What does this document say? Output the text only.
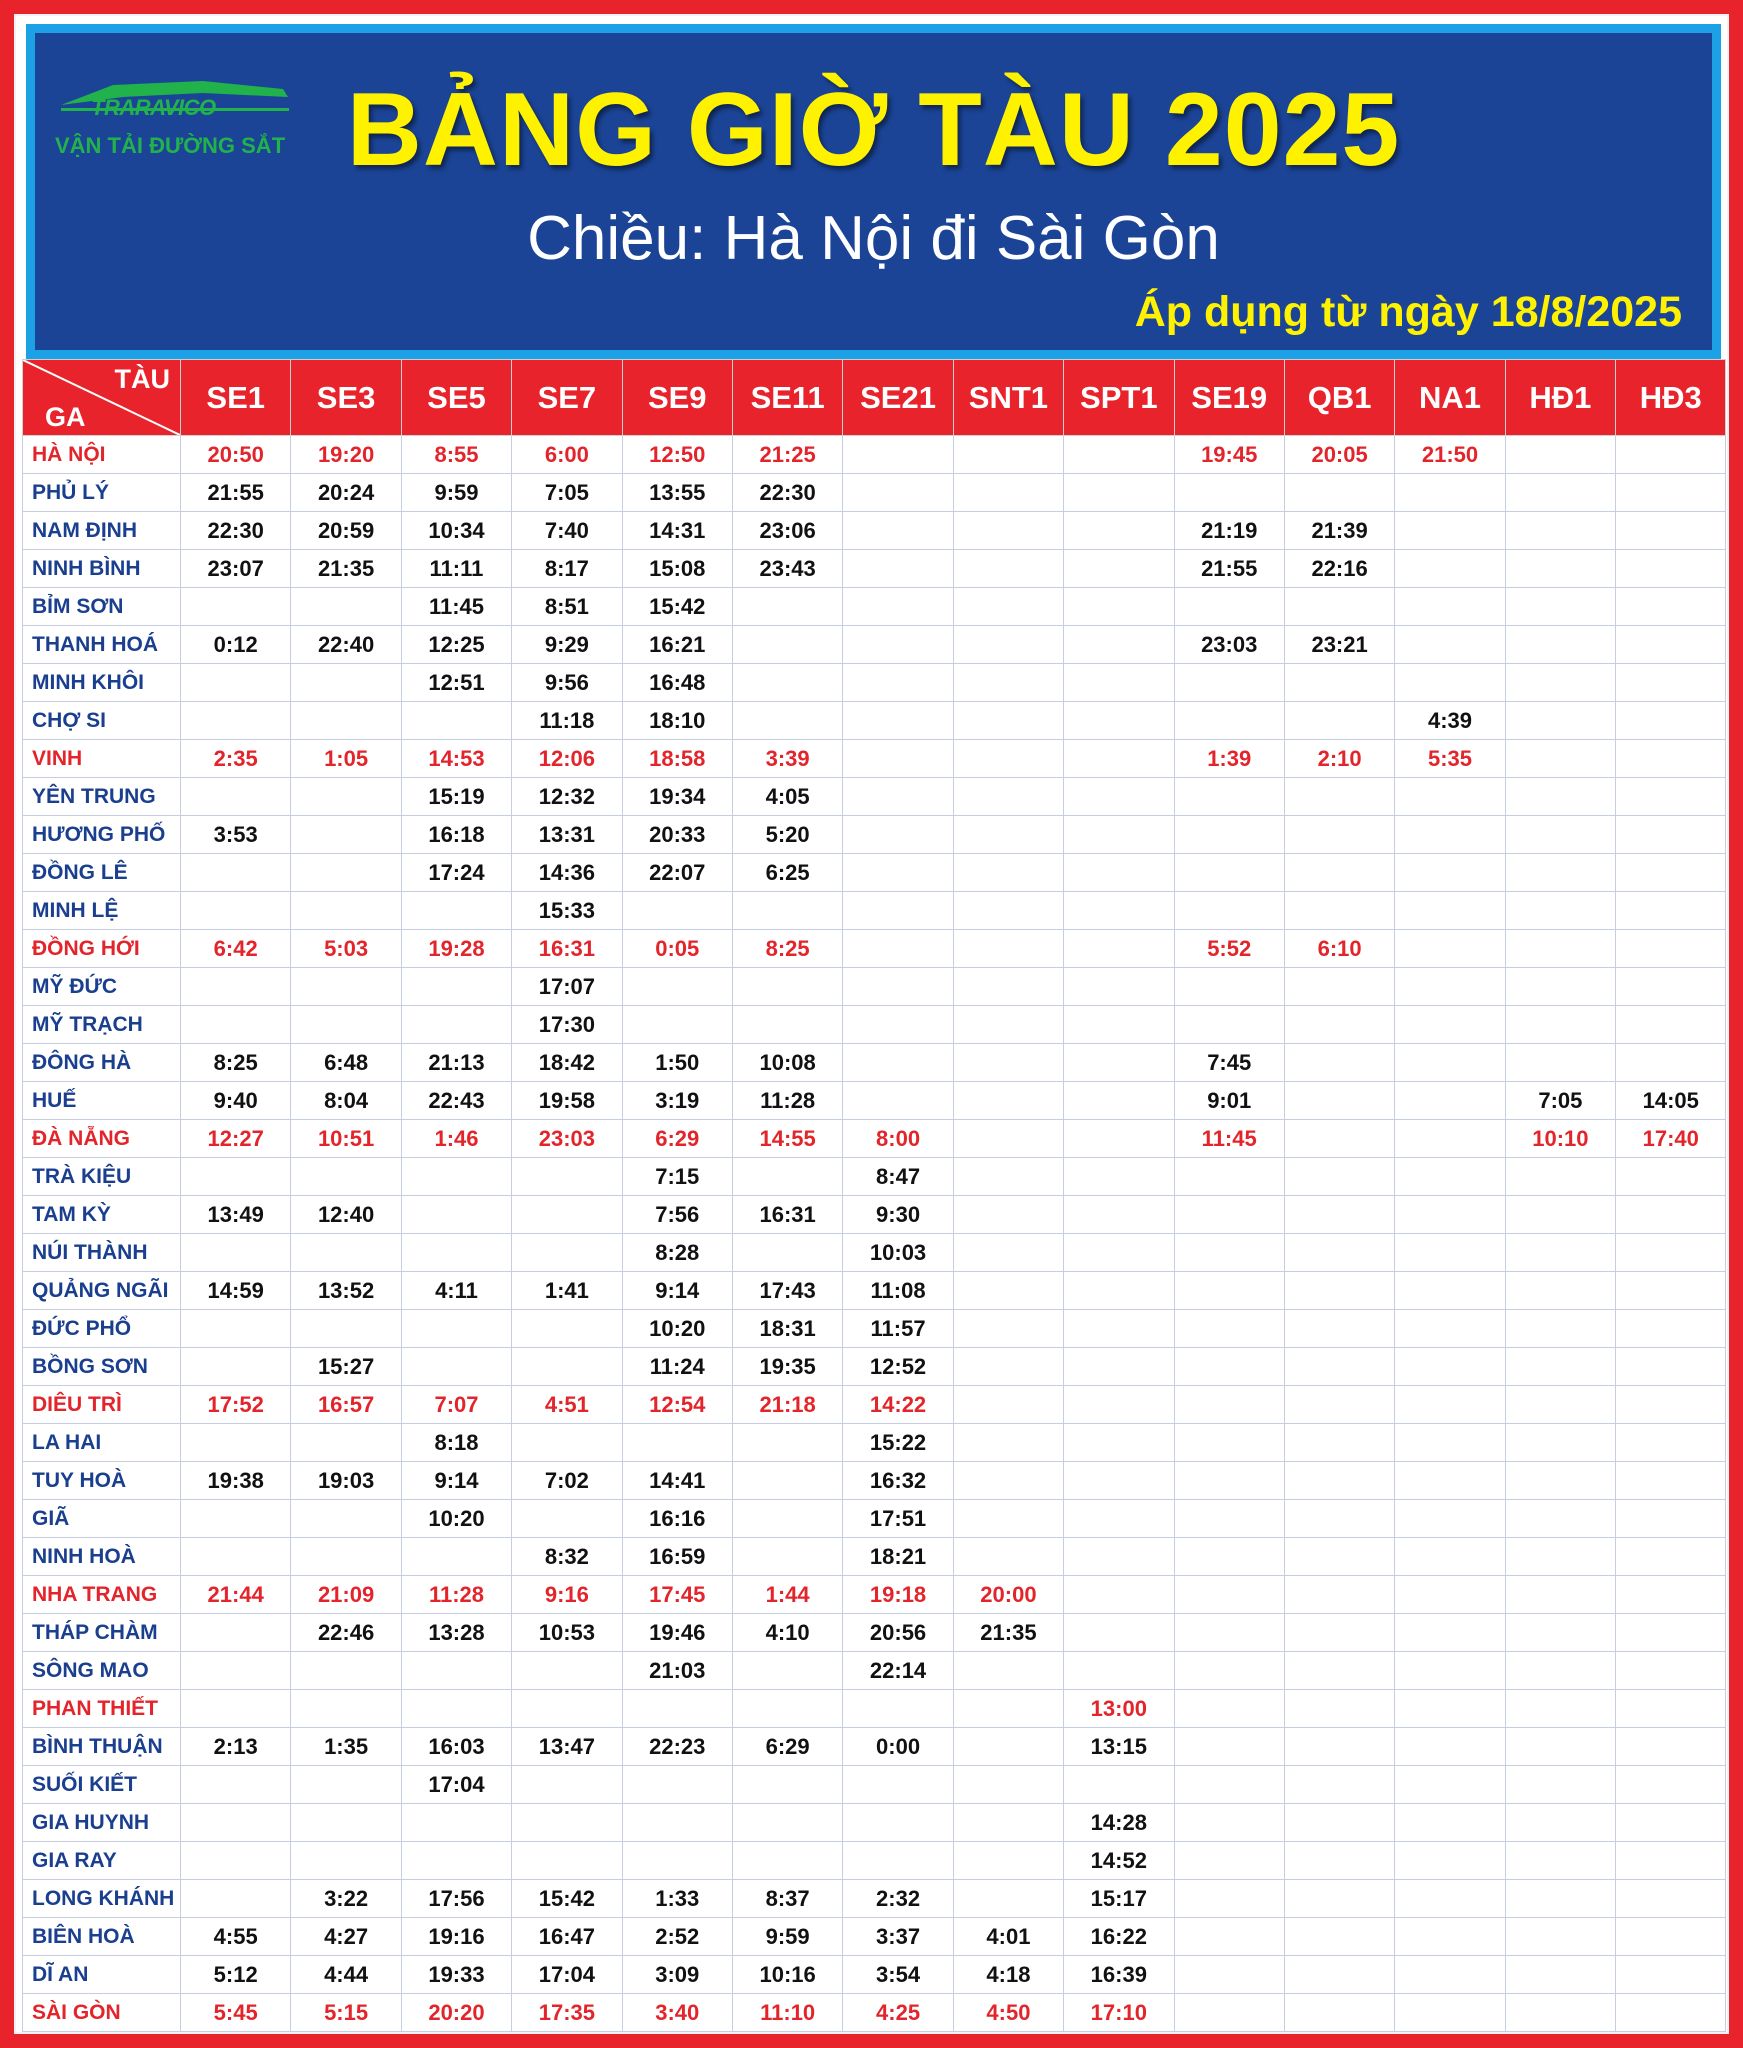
TRARAVICO
VẬN TẢI ĐƯỜNG SẮT BẢNG GIỜ TÀU 2025
Chiều: Hà Nội đi Sài Gòn
Áp dụng từ ngày 18/8/2025
TÀU
GA	SE1	SE3	SE5	SE7	SE9	SE11	SE21	SNT1	SPT1	SE19	QB1	NA1	HĐ1	HĐ3
HÀ NỘI	20:50	19:20	8:55	6:00	12:50	21:25				19:45	20:05	21:50		
PHỦ LÝ	21:55	20:24	9:59	7:05	13:55	22:30								
NAM ĐỊNH	22:30	20:59	10:34	7:40	14:31	23:06				21:19	21:39			
NINH BÌNH	23:07	21:35	11:11	8:17	15:08	23:43				21:55	22:16			
BỈM SƠN			11:45	8:51	15:42									
THANH HOÁ	0:12	22:40	12:25	9:29	16:21					23:03	23:21			
MINH KHÔI			12:51	9:56	16:48									
CHỢ SI				11:18	18:10							4:39		
VINH	2:35	1:05	14:53	12:06	18:58	3:39				1:39	2:10	5:35		
YÊN TRUNG			15:19	12:32	19:34	4:05								
HƯƠNG PHỐ	3:53		16:18	13:31	20:33	5:20								
ĐỒNG LÊ			17:24	14:36	22:07	6:25								
MINH LỆ				15:33										
ĐỒNG HỚI	6:42	5:03	19:28	16:31	0:05	8:25				5:52	6:10			
MỸ ĐỨC				17:07										
MỸ TRẠCH				17:30										
ĐÔNG HÀ	8:25	6:48	21:13	18:42	1:50	10:08				7:45				
HUẾ	9:40	8:04	22:43	19:58	3:19	11:28				9:01			7:05	14:05
ĐÀ NẴNG	12:27	10:51	1:46	23:03	6:29	14:55	8:00			11:45			10:10	17:40
TRÀ KIỆU					7:15		8:47							
TAM KỲ	13:49	12:40			7:56	16:31	9:30							
NÚI THÀNH					8:28		10:03							
QUẢNG NGÃI	14:59	13:52	4:11	1:41	9:14	17:43	11:08							
ĐỨC PHỔ					10:20	18:31	11:57							
BỒNG SƠN		15:27			11:24	19:35	12:52							
DIÊU TRÌ	17:52	16:57	7:07	4:51	12:54	21:18	14:22							
LA HAI			8:18				15:22							
TUY HOÀ	19:38	19:03	9:14	7:02	14:41		16:32							
GIÃ			10:20		16:16		17:51							
NINH HOÀ				8:32	16:59		18:21							
NHA TRANG	21:44	21:09	11:28	9:16	17:45	1:44	19:18	20:00						
THÁP CHÀM		22:46	13:28	10:53	19:46	4:10	20:56	21:35						
SÔNG MAO					21:03		22:14							
PHAN THIẾT									13:00					
BÌNH THUẬN	2:13	1:35	16:03	13:47	22:23	6:29	0:00		13:15					
SUỐI KIẾT			17:04											
GIA HUYNH									14:28					
GIA RAY									14:52					
LONG KHÁNH		3:22	17:56	15:42	1:33	8:37	2:32		15:17					
BIÊN HOÀ	4:55	4:27	19:16	16:47	2:52	9:59	3:37	4:01	16:22					
DĨ AN	5:12	4:44	19:33	17:04	3:09	10:16	3:54	4:18	16:39					
SÀI GÒN	5:45	5:15	20:20	17:35	3:40	11:10	4:25	4:50	17:10					
